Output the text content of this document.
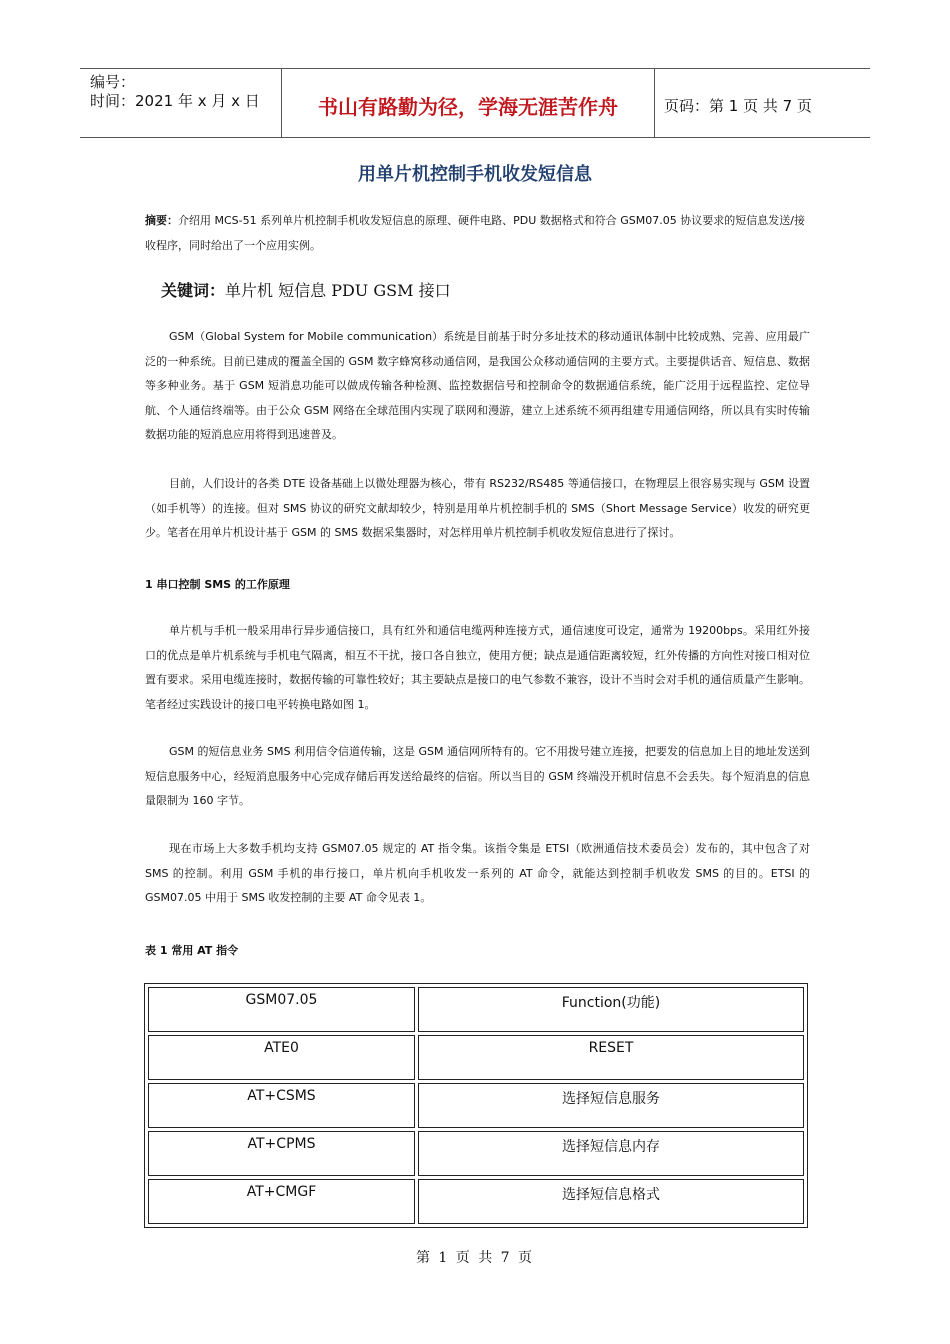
编号：
时间：2021 年 x 月 x 日	书山有路勤为径，学海无涯苦作舟	页码：第 1 页 共 7 页
用单片机控制手机收发短信息
摘要：介绍用 MCS-51 系列单片机控制手机收发短信息的原理、硬件电路、PDU 数据格式和符合 GSM07.05 协议要求的短信息发送/接收程序，同时给出了一个应用实例。
关键词：单片机 短信息 PDU GSM 接口
GSM（Global System for Mobile communication）系统是目前基于时分多址技术的移动通讯体制中比较成熟、完善、应用最广泛的一种系统。目前已建成的覆盖全国的 GSM 数字蜂窝移动通信网，是我国公众移动通信网的主要方式。主要提供话音、短信息、数据等多种业务。基于 GSM 短消息功能可以做成传输各种检测、监控数据信号和控制命令的数据通信系统，能广泛用于远程监控、定位导航、个人通信终端等。由于公众 GSM 网络在全球范围内实现了联网和漫游，建立上述系统不须再组建专用通信网络，所以具有实时传输数据功能的短消息应用将得到迅速普及。
目前，人们设计的各类 DTE 设备基础上以微处理器为核心，带有 RS232/RS485 等通信接口，在物理层上很容易实现与 GSM 设置（如手机等）的连接。但对 SMS 协议的研究文献却较少，特别是用单片机控制手机的 SMS（Short Message Service）收发的研究更少。笔者在用单片机设计基于 GSM 的 SMS 数据采集器时，对怎样用单片机控制手机收发短信息进行了探讨。
1 串口控制 SMS 的工作原理
单片机与手机一般采用串行异步通信接口，具有红外和通信电缆两种连接方式，通信速度可设定，通常为 19200bps。采用红外接口的优点是单片机系统与手机电气隔离，相互不干扰，接口各自独立，使用方便；缺点是通信距离较短，红外传播的方向性对接口相对位置有要求。采用电缆连接时，数据传输的可靠性较好；其主要缺点是接口的电气参数不兼容，设计不当时会对手机的通信质量产生影响。笔者经过实践设计的接口电平转换电路如图 1。
GSM 的短信息业务 SMS 利用信令信道传输，这是 GSM 通信网所特有的。它不用拨号建立连接，把要发的信息加上目的地址发送到短信息服务中心，经短消息服务中心完成存储后再发送给最终的信宿。所以当目的 GSM 终端没开机时信息不会丢失。每个短消息的信息量限制为 160 字节。
现在市场上大多数手机均支持 GSM07.05 规定的 AT 指令集。该指令集是 ETSI（欧洲通信技术委员会）发布的，其中包含了对 SMS 的控制。利用 GSM 手机的串行接口，单片机向手机收发一系列的 AT 命令，就能达到控制手机收发 SMS 的目的。ETSI 的 GSM07.05 中用于 SMS 收发控制的主要 AT 命令见表 1。
表 1 常用 AT 指令
GSM07.05	Function(功能)
ATE0	RESET
AT+CSMS	选择短信息服务
AT+CPMS	选择短信息内存
AT+CMGF	选择短信息格式
第 1 页 共 7 页
